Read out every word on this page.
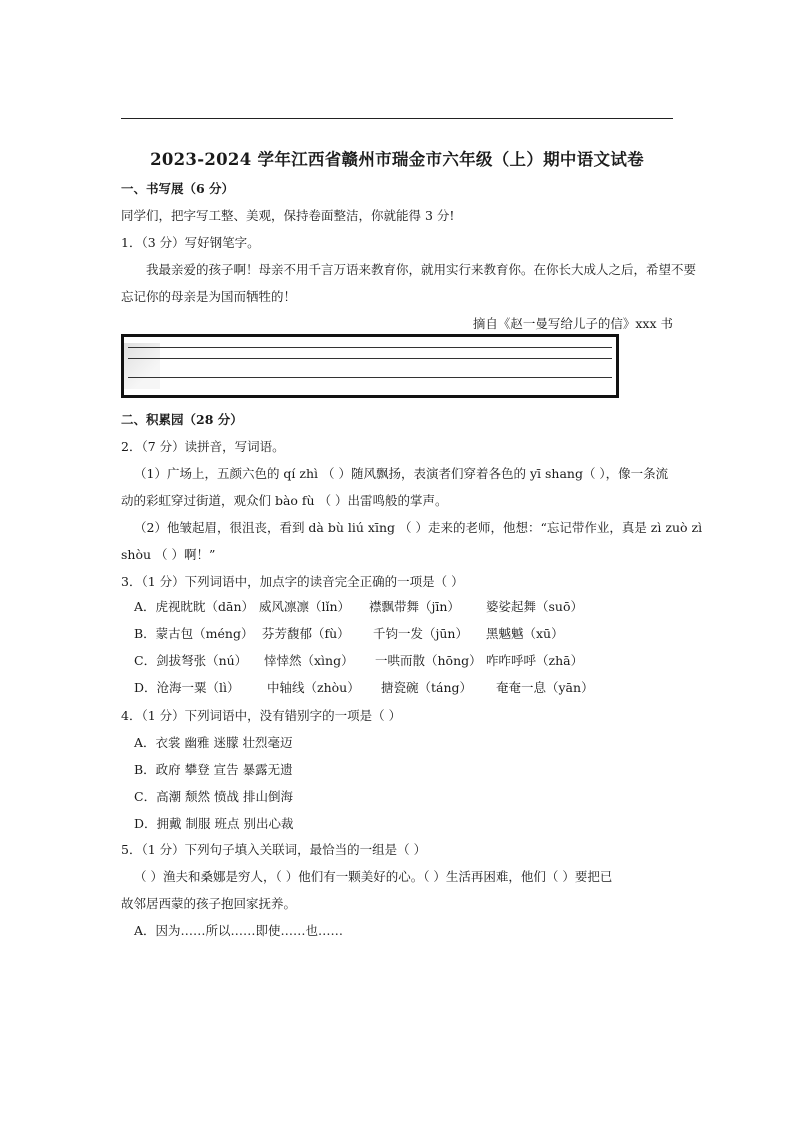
2023-2024 学年江西省赣州市瑞金市六年级（上）期中语文试卷
一、书写展（6 分）
同学们，把字写工整、美观，保持卷面整洁，你就能得 3 分!
1．（3 分）写好钢笔字。
我最亲爱的孩子啊！母亲不用千言万语来教育你，就用实行来教育你。在你长大成人之后，希望不要
忘记你的母亲是为国而牺牲的！
摘自《赵一曼写给儿子的信》xxx 书
二、积累园（28 分）
2．（7 分）读拼音，写词语。
（1）广场上，五颜六色的 qí zhì （ ）随风飘扬，表演者们穿着各色的 yī shang（ ），像一条流
动的彩虹穿过街道，观众们 bào fù （ ）出雷鸣般的掌声。
（2）他皱起眉，很沮丧，看到 dà bù liú xīng （ ）走来的老师，他想：“忘记带作业，真是 zì zuò zì
shòu （ ）啊！”
3．（1 分）下列词语中，加点字的读音完全正确的一项是（ ）
A．虎视眈眈（dān） 威风凛凛（lǐn） 襟飘带舞（jīn） 婆娑起舞（suō）
B．蒙古包（méng） 芬芳馥郁（fù） 千钧一发（jūn） 黑魆魆（xū）
C．剑拔弩张（nú） 悻悻然（xìng） 一哄而散（hōng） 咋咋呼呼（zhā）
D．沧海一粟（lì） 中轴线（zhòu） 搪瓷碗（táng） 奄奄一息（yān）
4．（1 分）下列词语中，没有错别字的一项是（ ）
A．衣裳 幽雅 迷朦 壮烈毫迈
B．政府 攀登 宣告 暴露无遗
C．高潮 颓然 愤战 排山倒海
D．拥戴 制服 班点 别出心裁
5．（1 分）下列句子填入关联词，最恰当的一组是（ ）
（ ）渔夫和桑娜是穷人，（ ）他们有一颗美好的心。（ ）生活再困难，他们（ ）要把已
故邻居西蒙的孩子抱回家抚养。
A．因为……所以……即使……也……
